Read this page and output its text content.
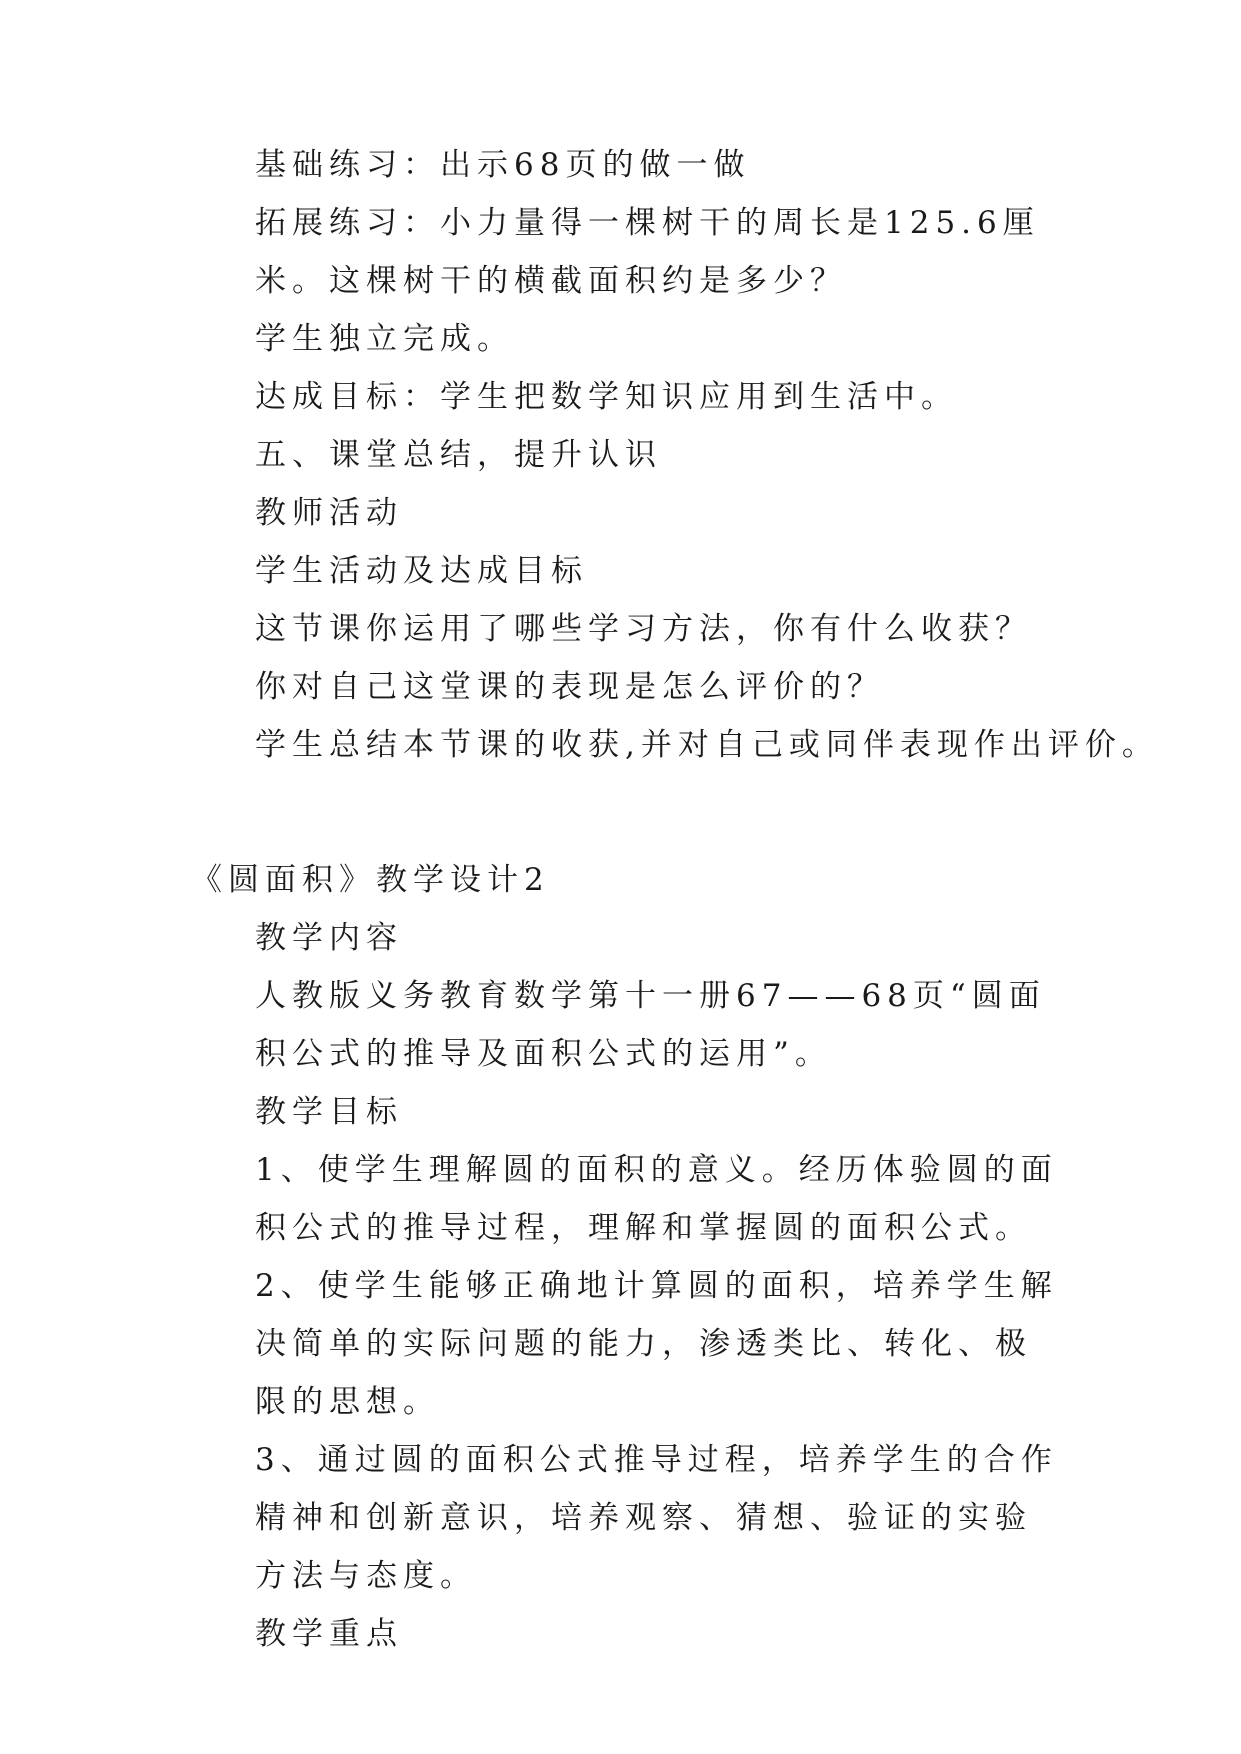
基础练习：出示68页的做一做

拓展练习：小力量得一棵树干的周长是125.6厘米。这棵树干的横截面积约是多少？

学生独立完成。

达成目标：学生把数学知识应用到生活中。

五、课堂总结，提升认识

教师活动

学生活动及达成目标

这节课你运用了哪些学习方法，你有什么收获？你对自己这堂课的表现是怎么评价的？

学生总结本节课的收获,并对自己或同伴表现作出评价。

《圆面积》教学设计2

教学内容

人教版义务教育数学第十一册67——68页“圆面积公式的推导及面积公式的运用”。

教学目标

1、使学生理解圆的面积的意义。经历体验圆的面积公式的推导过程，理解和掌握圆的面积公式。

2、使学生能够正确地计算圆的面积，培养学生解决简单的实际问题的能力，渗透类比、转化、极限的思想。

3、通过圆的面积公式推导过程，培养学生的合作精神和创新意识，培养观察、猜想、验证的实验方法与态度。

教学重点
